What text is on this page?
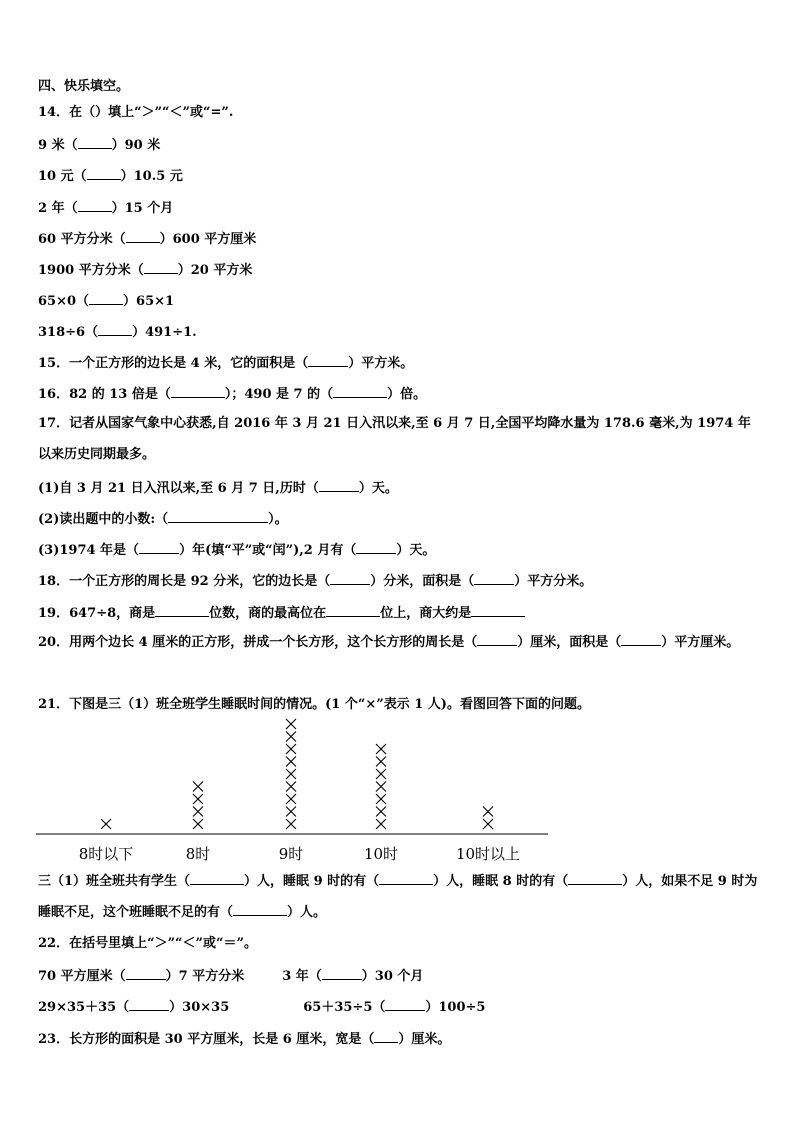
四、快乐填空。
14．在（）填上“＞”“＜”或“=”.
9 米（	）90 米
10 元（	）10.5 元
2 年（	）15 个月
60 平方分米（	）600 平方厘米
1900 平方分米（	）20 平方米
65×0（	）65×1
318÷6（	）491÷1.
15．一个正方形的边长是 4 米，它的面积是（	）平方米。
16．82 的 13 倍是（	）；490 是 7 的（	）倍。
17．记者从国家气象中心获悉,自 2016 年 3 月 21 日入汛以来,至 6 月 7 日,全国平均降水量为 178.6 毫米,为 1974 年以来历史同期最多。
(1)自 3 月 21 日入汛以来,至 6 月 7 日,历时（	）天。
(2)读出题中的小数:（	）。
(3)1974 年是（	）年(填“平”或“闰”),2 月有（	）天。
18．一个正方形的周长是 92 分米，它的边长是（	）分米，面积是（	）平方分米。
19．647÷8，商是	位数，商的最高位在	位上，商大约是
20．用两个边长 4 厘米的正方形，拼成一个长方形，这个长方形的周长是（	）厘米，面积是（	）平方厘米。
21．下图是三（1）班全班学生睡眠时间的情况。(1 个“×”表示 1 人)。看图回答下面的问题。
8时以下	8时	9时	10时	10时以上
三（1）班全班共有学生（	）人，睡眠 9 时的有（	）人，睡眠 8 时的有（	）人，如果不足 9 时为睡眠不足，这个班睡眠不足的有（	）人。
22．在括号里填上“＞”“＜”或“＝”。
70 平方厘米（	）7 平方分米	3 年（	）30 个月
29×35＋35（	）30×35	65＋35÷5（	）100÷5
23．长方形的面积是 30 平方厘米，长是 6 厘米，宽是（ ）厘米。
